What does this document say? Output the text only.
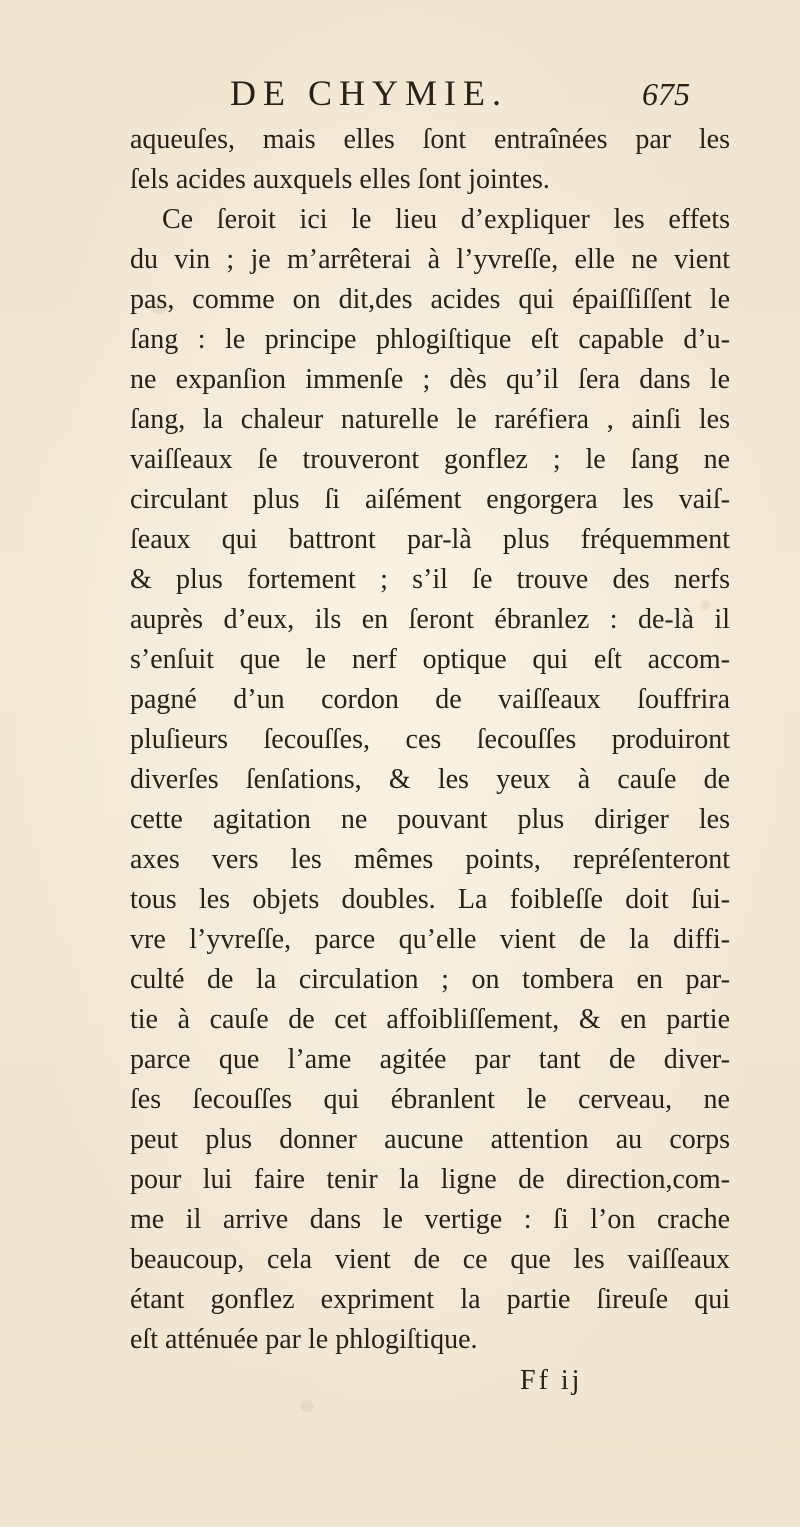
DE CHYMIE.	675
aqueuſes, mais elles ſont entraînées par les
ſels acides auxquels elles ſont jointes.
Ce ſeroit ici le lieu d’expliquer les effets
du vin ; je m’arrêterai à l’yvreſſe, elle ne vient
pas, comme on dit,des acides qui épaiſſiſſent le
ſang : le principe phlogiſtique eſt capable d’u-
ne expanſion immenſe ; dès qu’il ſera dans le
ſang, la chaleur naturelle le raréfiera , ainſi les
vaiſſeaux ſe trouveront gonflez ; le ſang ne
circulant plus ſi aiſément engorgera les vaiſ-
ſeaux qui battront par-là plus fréquemment
& plus fortement ; s’il ſe trouve des nerfs
auprès d’eux, ils en ſeront ébranlez : de-là il
s’enſuit que le nerf optique qui eſt accom-
pagné d’un cordon de vaiſſeaux ſouffrira
pluſieurs ſecouſſes, ces ſecouſſes produiront
diverſes ſenſations, & les yeux à cauſe de
cette agitation ne pouvant plus diriger les
axes vers les mêmes points, repréſenteront
tous les objets doubles. La foibleſſe doit ſui-
vre l’yvreſſe, parce qu’elle vient de la diffi-
culté de la circulation ; on tombera en par-
tie à cauſe de cet affoibliſſement, & en partie
parce que l’ame agitée par tant de diver-
ſes ſecouſſes qui ébranlent le cerveau, ne
peut plus donner aucune attention au corps
pour lui faire tenir la ligne de direction,com-
me il arrive dans le vertige : ſi l’on crache
beaucoup, cela vient de ce que les vaiſſeaux
étant gonflez expriment la partie ſireuſe qui
eſt atténuée par le phlogiſtique.
Ff ij
